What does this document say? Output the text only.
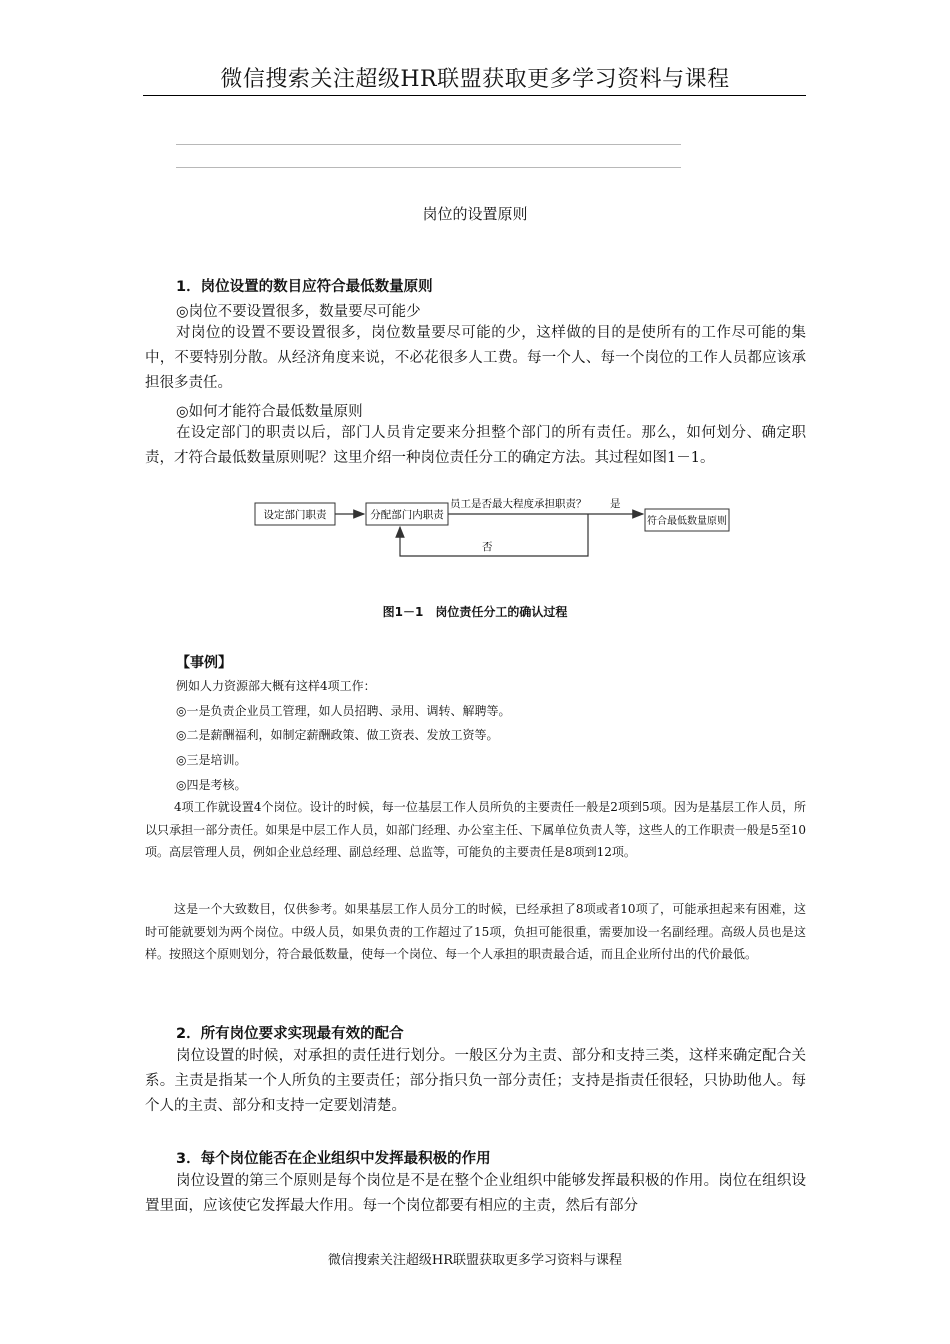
微信搜索关注超级HR联盟获取更多学习资料与课程
岗位的设置原则
1．岗位设置的数目应符合最低数量原则
◎岗位不要设置很多，数量要尽可能少

对岗位的设置不要设置很多，岗位数量要尽可能的少，这样做的目的是使所有的工作尽可能的集中，不要特别分散。从经济角度来说，不必花很多人工费。每一个人、每一个岗位的工作人员都应该承担很多责任。

◎如何才能符合最低数量原则

在设定部门的职责以后，部门人员肯定要来分担整个部门的所有责任。那么，如何划分、确定职责，才符合最低数量原则呢？这里介绍一种岗位责任分工的确定方法。其过程如图1－1。

设定部门职责	分配部门内职责
员工是否最大程度承担职责？ 是
符合最低数量原则
否
图1－1　岗位责任分工的确认过程
【事例】
例如人力资源部大概有这样4项工作：
◎一是负责企业员工管理，如人员招聘、录用、调转、解聘等。
◎二是薪酬福利，如制定薪酬政策、做工资表、发放工资等。
◎三是培训。
◎四是考核。

4项工作就设置4个岗位。设计的时候，每一位基层工作人员所负的主要责任一般是2项到5项。因为是基层工作人员，所以只承担一部分责任。如果是中层工作人员，如部门经理、办公室主任、下属单位负责人等，这些人的工作职责一般是5至10项。高层管理人员，例如企业总经理、副总经理、总监等，可能负的主要责任是8项到12项。

这是一个大致数目，仅供参考。如果基层工作人员分工的时候，已经承担了8项或者10项了，可能承担起来有困难，这时可能就要划为两个岗位。中级人员，如果负责的工作超过了15项，负担可能很重，需要加设一名副经理。高级人员也是这样。按照这个原则划分，符合最低数量，使每一个岗位、每一个人承担的职责最合适，而且企业所付出的代价最低。

2．所有岗位要求实现最有效的配合

岗位设置的时候，对承担的责任进行划分。一般区分为主责、部分和支持三类，这样来确定配合关系。主责是指某一个人所负的主要责任；部分指只负一部分责任；支持是指责任很轻，只协助他人。每个人的主责、部分和支持一定要划清楚。

3．每个岗位能否在企业组织中发挥最积极的作用

岗位设置的第三个原则是每个岗位是不是在整个企业组织中能够发挥最积极的作用。岗位在组织设置里面，应该使它发挥最大作用。每一个岗位都要有相应的主责，然后有部分

微信搜索关注超级HR联盟获取更多学习资料与课程
